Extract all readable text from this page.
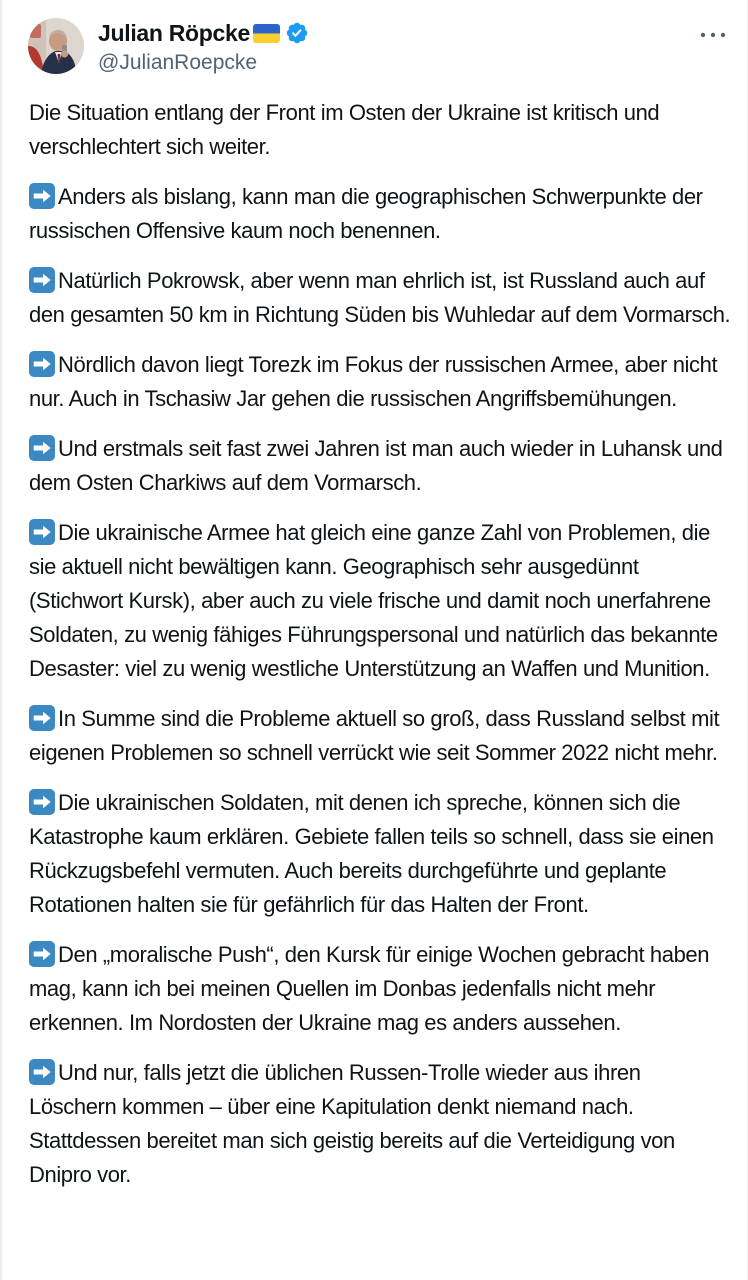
Julian Röpcke
@JulianRoepcke

Die Situation entlang der Front im Osten der Ukraine ist kritisch und verschlechtert sich weiter.

Anders als bislang, kann man die geographischen Schwerpunkte der russischen Offensive kaum noch benennen.

Natürlich Pokrowsk, aber wenn man ehrlich ist, ist Russland auch auf den gesamten 50 km in Richtung Süden bis Wuhledar auf dem Vormarsch.

Nördlich davon liegt Torezk im Fokus der russischen Armee, aber nicht nur. Auch in Tschasiw Jar gehen die russischen Angriffsbemühungen.

Und erstmals seit fast zwei Jahren ist man auch wieder in Luhansk und dem Osten Charkiws auf dem Vormarsch.

Die ukrainische Armee hat gleich eine ganze Zahl von Problemen, die sie aktuell nicht bewältigen kann. Geographisch sehr ausgedünnt (Stichwort Kursk), aber auch zu viele frische und damit noch unerfahrene Soldaten, zu wenig fähiges Führungspersonal und natürlich das bekannte Desaster: viel zu wenig westliche Unterstützung an Waffen und Munition.

In Summe sind die Probleme aktuell so groß, dass Russland selbst mit eigenen Problemen so schnell verrückt wie seit Sommer 2022 nicht mehr.

Die ukrainischen Soldaten, mit denen ich spreche, können sich die Katastrophe kaum erklären. Gebiete fallen teils so schnell, dass sie einen Rückzugsbefehl vermuten. Auch bereits durchgeführte und geplante Rotationen halten sie für gefährlich für das Halten der Front.

Den „moralische Push“, den Kursk für einige Wochen gebracht haben mag, kann ich bei meinen Quellen im Donbas jedenfalls nicht mehr erkennen. Im Nordosten der Ukraine mag es anders aussehen.

Und nur, falls jetzt die üblichen Russen-Trolle wieder aus ihren Löschern kommen – über eine Kapitulation denkt niemand nach. Stattdessen bereitet man sich geistig bereits auf die Verteidigung von Dnipro vor.
